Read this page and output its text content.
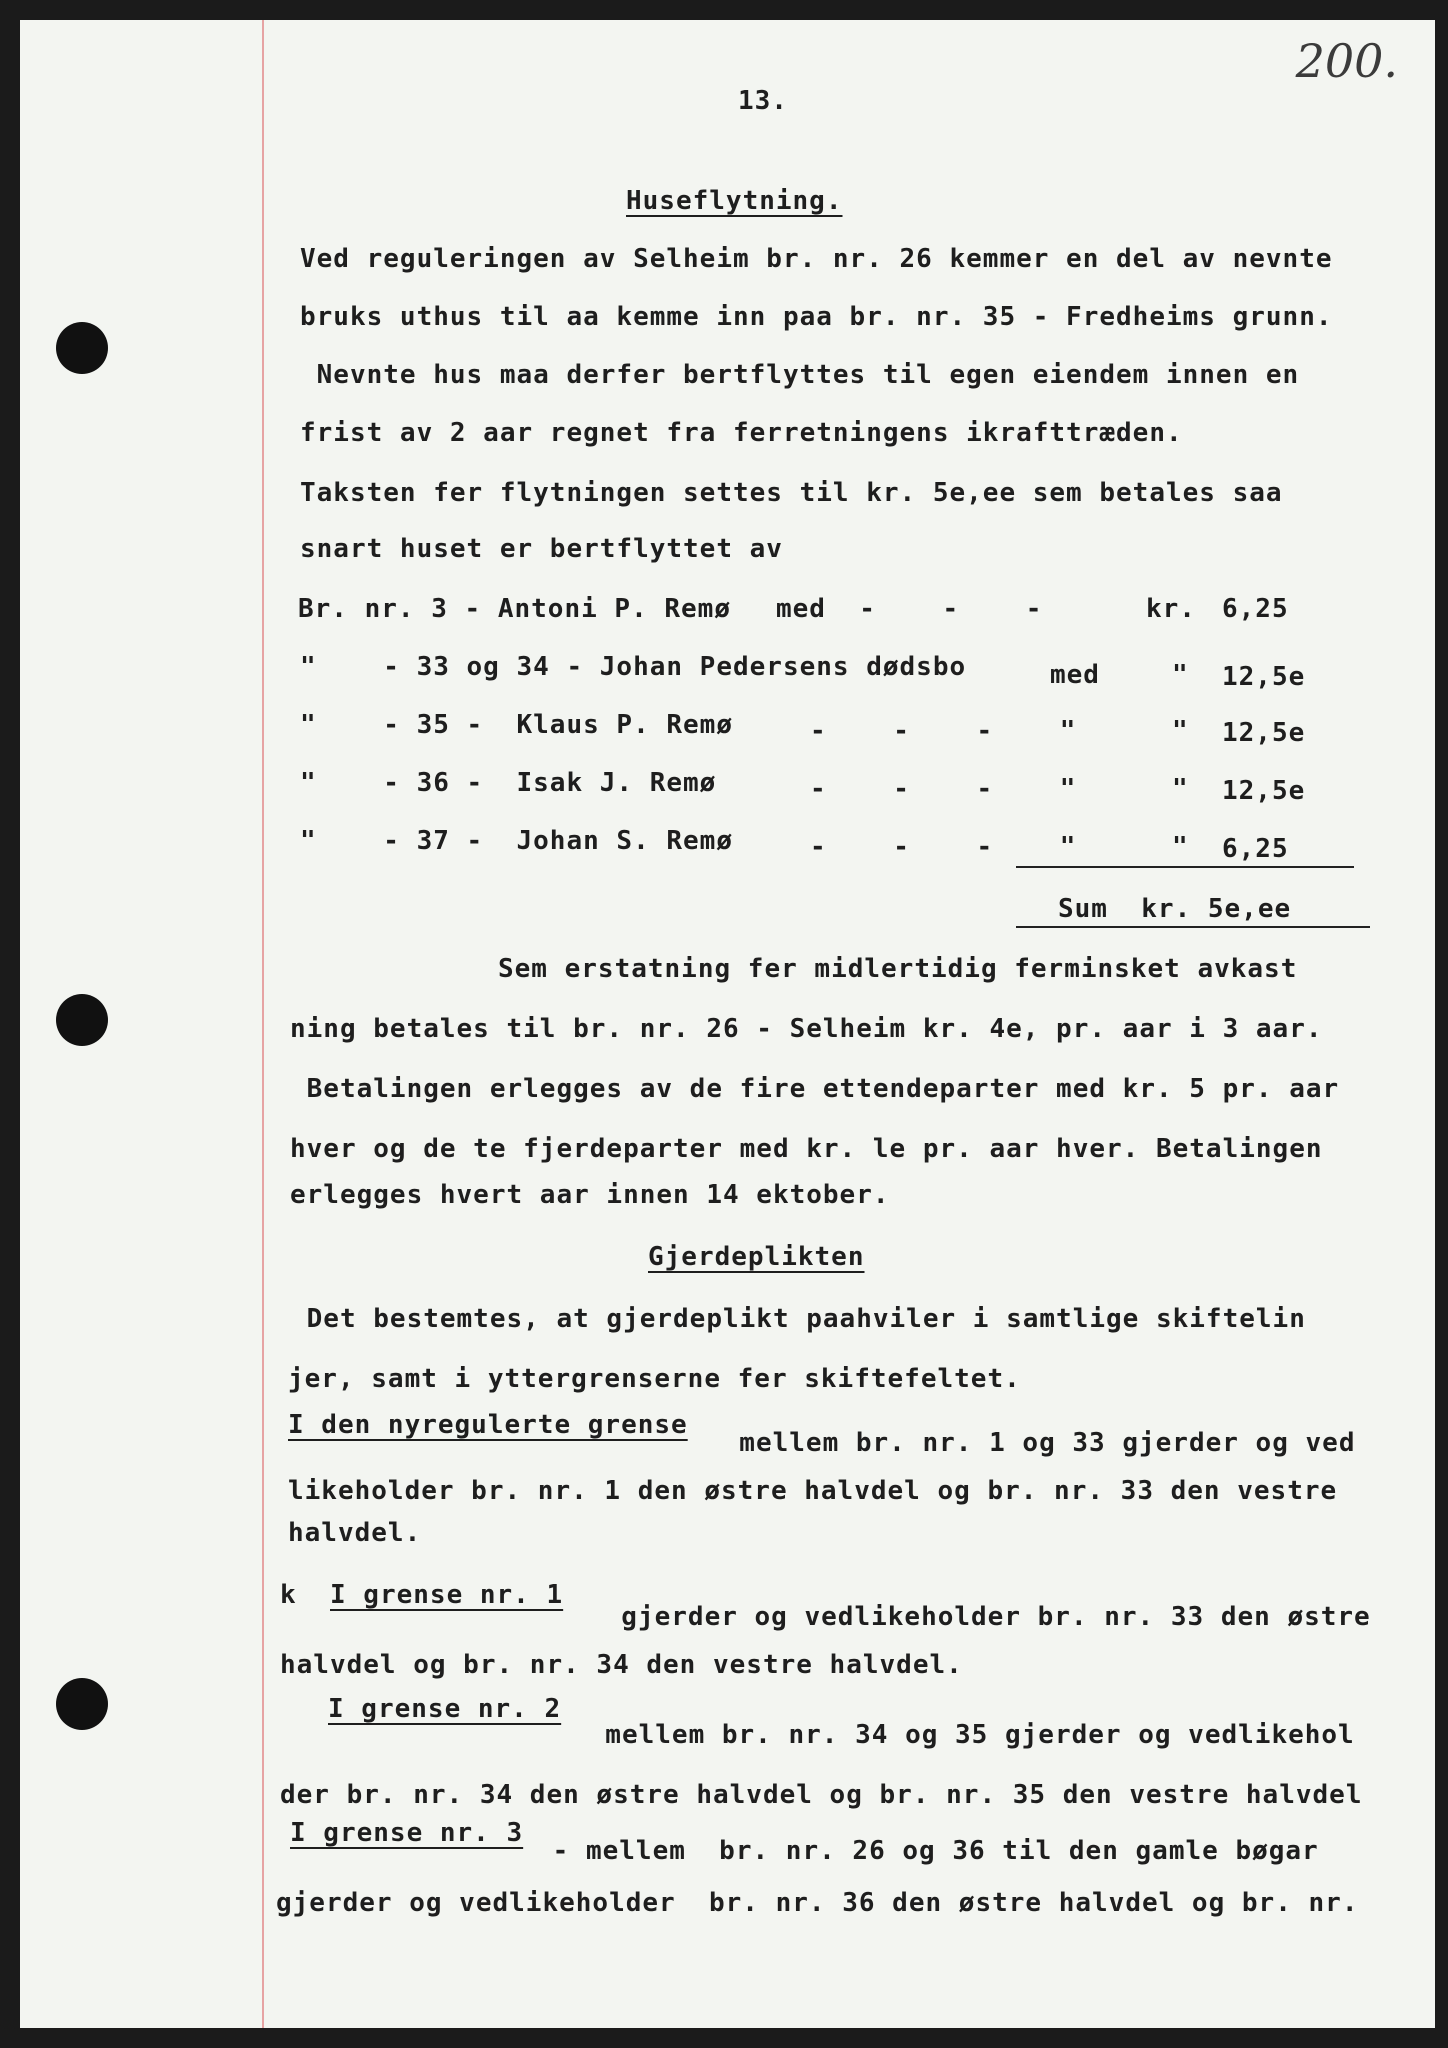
200.
13.
Huseflytning.
Ved reguleringen av Selheim br. nr. 26 kemmer en del av nevnte
bruks uthus til aa kemme inn paa br. nr. 35 - Fredheims grunn.
Nevnte hus maa derfer bertflyttes til egen eiendem innen en
frist av 2 aar regnet fra ferretningens ikrafttræden.
Taksten fer flytningen settes til kr. 5e,ee sem betales saa
snart huset er bertflyttet av
Br. nr. 3 - Antoni P. Remø med  -    -    -	kr. 6,25
"    - 33 og 34 - Johan Pedersens dødsbo	med	" 12,5e
"    - 35 -  Klaus P. Remø	-    -    -    "	" 12,5e
"    - 36 -  Isak J. Remø	-    -    -    "	" 12,5e
"    - 37 -  Johan S. Remø	-    -    -    "	" 6,25
Sum  kr. 5e,ee
Sem erstatning fer midlertidig ferminsket avkast
ning betales til br. nr. 26 - Selheim kr. 4e, pr. aar i 3 aar.
Betalingen erlegges av de fire ettendeparter med kr. 5 pr. aar
hver og de te fjerdeparter med kr. le pr. aar hver. Betalingen
erlegges hvert aar innen 14 ektober.
Gjerdeplikten
Det bestemtes, at gjerdeplikt paahviler i samtlige skiftelin
jer, samt i yttergrenserne fer skiftefeltet.
I den nyregulerte grense
mellem br. nr. 1 og 33 gjerder og ved
likeholder br. nr. 1 den østre halvdel og br. nr. 33 den vestre
halvdel.
k I grense nr. 1
gjerder og vedlikeholder br. nr. 33 den østre
halvdel og br. nr. 34 den vestre halvdel.
I grense nr. 2
mellem br. nr. 34 og 35 gjerder og vedlikehol
der br. nr. 34 den østre halvdel og br. nr. 35 den vestre halvdel
I grense nr. 3
- mellem  br. nr. 26 og 36 til den gamle bøgar
gjerder og vedlikeholder  br. nr. 36 den østre halvdel og br. nr.
